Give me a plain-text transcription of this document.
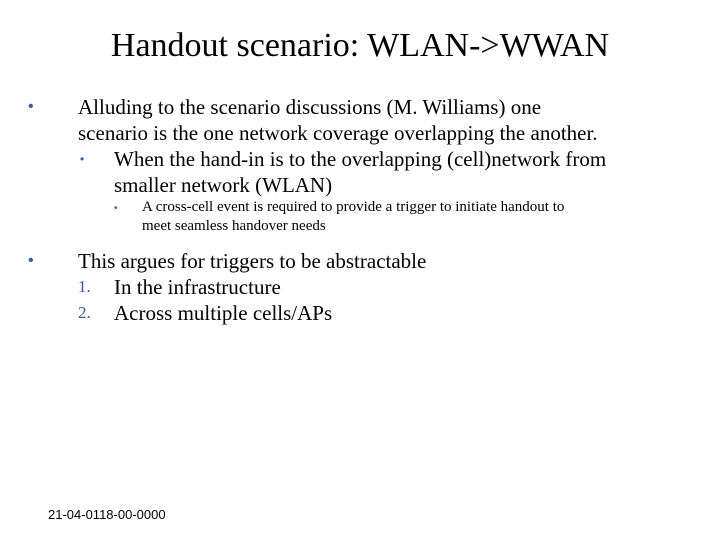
Handout scenario: WLAN->WWAN
• Alluding to the scenario discussions (M. Williams) one
scenario is the one network coverage overlapping the another.
• When the hand-in is to the overlapping (cell)network from
smaller network (WLAN)
• A cross-cell event is required to provide a trigger to initiate handout to
meet seamless handover needs
• This argues for triggers to be abstractable
1. In the infrastructure
2. Across multiple cells/APs
21-04-0118-00-0000
